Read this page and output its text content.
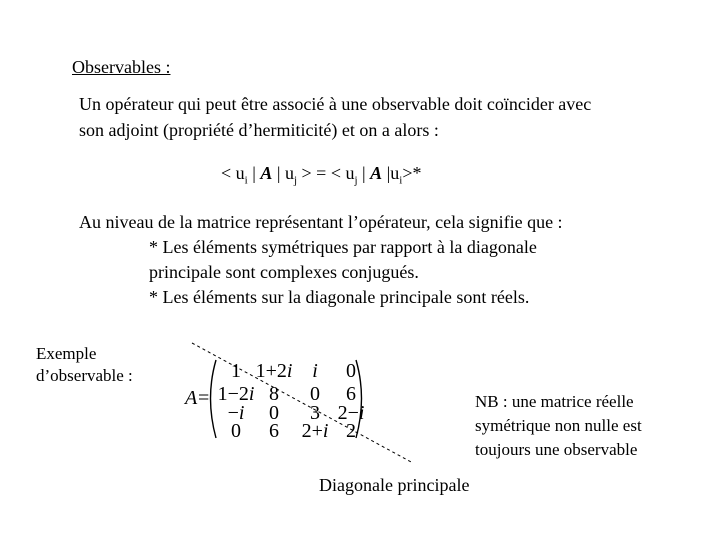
Observables :
Un opérateur qui peut être associé à une observable doit coïncider avec
son adjoint (propriété d’hermiticité) et on a alors :
< $u_i$ | A | $u_j$ > = < $u_j$ | A $|u_i>*$
Au niveau de la matrice représentant l’opérateur, cela signifie que :
* Les éléments symétriques par rapport à la diagonale
principale sont complexes conjugués.
* Les éléments sur la diagonale principale sont réels.
Exemple d’observable :
A =
1 1+2i i 0
1−2i 8 0 6
−i 0 3 2−i
0 6 2+i 2
NB : une matrice réelle symétrique non nulle est toujours une observable
Diagonale principale
